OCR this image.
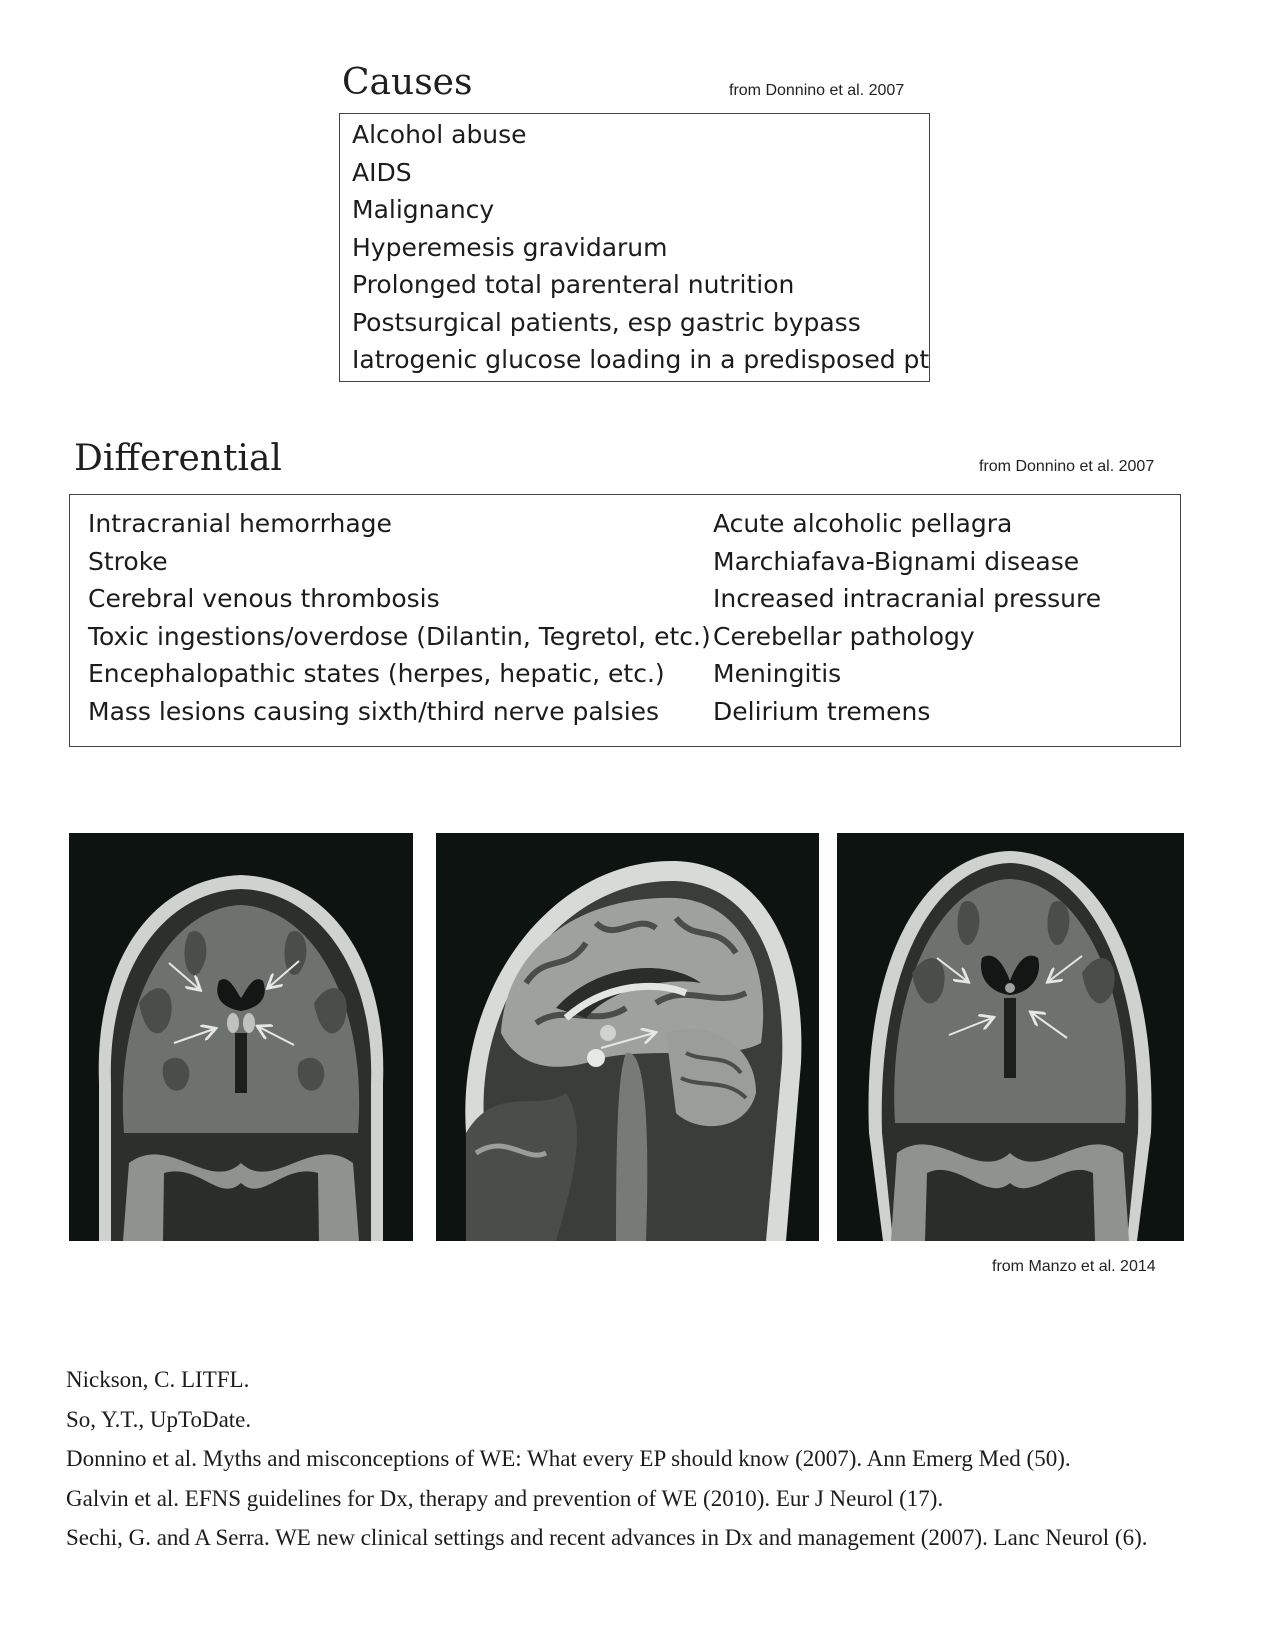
Causes	from Donnino et al. 2007
Alcohol abuse
AIDS
Malignancy
Hyperemesis gravidarum
Prolonged total parenteral nutrition
Postsurgical patients, esp gastric bypass
Iatrogenic glucose loading in a predisposed pt
Differential	from Donnino et al. 2007
Intracranial hemorrhage
Stroke
Cerebral venous thrombosis
Toxic ingestions/overdose (Dilantin, Tegretol, etc.)
Encephalopathic states (herpes, hepatic, etc.)
Mass lesions causing sixth/third nerve palsies
Acute alcoholic pellagra
Marchiafava-Bignami disease
Increased intracranial pressure
Cerebellar pathology
Meningitis
Delirium tremens
from Manzo et al. 2014
Nickson, C. LITFL.
So, Y.T., UpToDate.
Donnino et al. Myths and misconceptions of WE: What every EP should know (2007). Ann Emerg Med (50).
Galvin et al. EFNS guidelines for Dx, therapy and prevention of WE (2010). Eur J Neurol (17).
Sechi, G. and A Serra. WE new clinical settings and recent advances in Dx and management (2007). Lanc Neurol (6).
